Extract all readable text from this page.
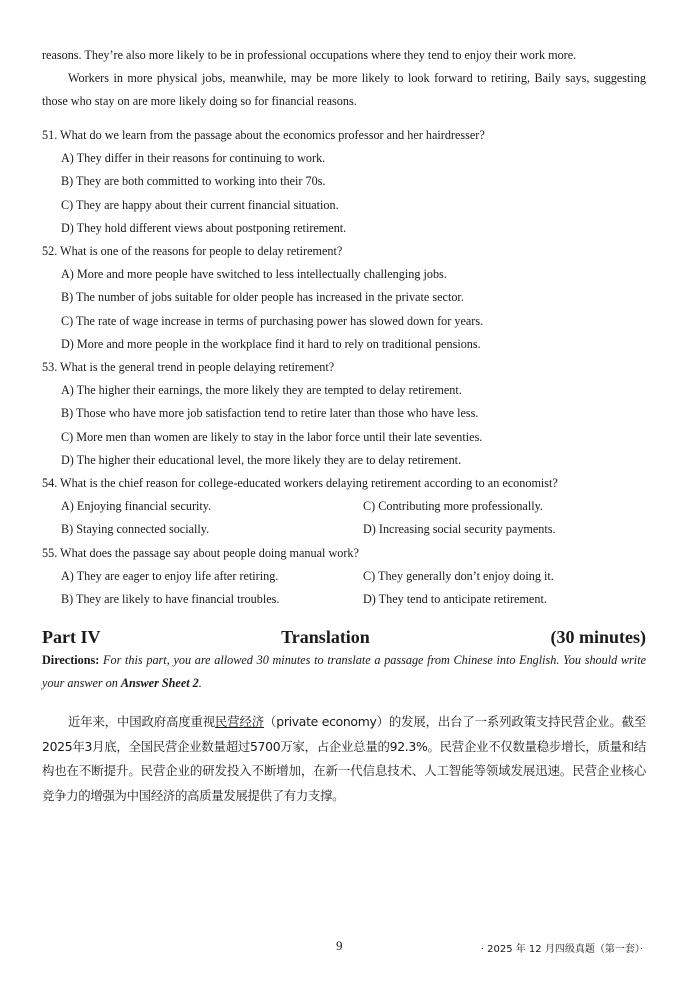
reasons. They’re also more likely to be in professional occupations where they tend to enjoy their work more.

Workers in more physical jobs, meanwhile, may be more likely to look forward to retiring, Baily says, suggesting those who stay on are more likely doing so for financial reasons.

51. What do we learn from the passage about the economics professor and her hairdresser?

A) They differ in their reasons for continuing to work.

B) They are both committed to working into their 70s.

C) They are happy about their current financial situation.

D) They hold different views about postponing retirement.

52. What is one of the reasons for people to delay retirement?

A) More and more people have switched to less intellectually challenging jobs.

B) The number of jobs suitable for older people has increased in the private sector.

C) The rate of wage increase in terms of purchasing power has slowed down for years.

D) More and more people in the workplace find it hard to rely on traditional pensions.

53. What is the general trend in people delaying retirement?

A) The higher their earnings, the more likely they are tempted to delay retirement.

B) Those who have more job satisfaction tend to retire later than those who have less.

C) More men than women are likely to stay in the labor force until their late seventies.

D) The higher their educational level, the more likely they are to delay retirement.

54. What is the chief reason for college-educated workers delaying retirement according to an economist?

A) Enjoying financial security.	C) Contributing more professionally.
B) Staying connected socially.	D) Increasing social security payments.

55. What does the passage say about people doing manual work?

A) They are eager to enjoy life after retiring.	C) They generally don’t enjoy doing it.
B) They are likely to have financial troubles.	D) They tend to anticipate retirement.
Part IV	Translation	(30 minutes)

Directions: For this part, you are allowed 30 minutes to translate a passage from Chinese into English. You should write your answer on Answer Sheet 2.

近年来，中国政府高度重视民营经济（private economy）的发展，出台了一系列政策支持民营企业。截至2025年3月底，全国民营企业数量超过5700万家，占企业总量的92.3%。民营企业不仅数量稳步增长，质量和结构也在不断提升。民营企业的研发投入不断增加，在新一代信息技术、人工智能等领域发展迅速。民营企业核心竞争力的增强为中国经济的高质量发展提供了有力支撑。

9	· 2025 年 12 月四级真题（第一套）·
